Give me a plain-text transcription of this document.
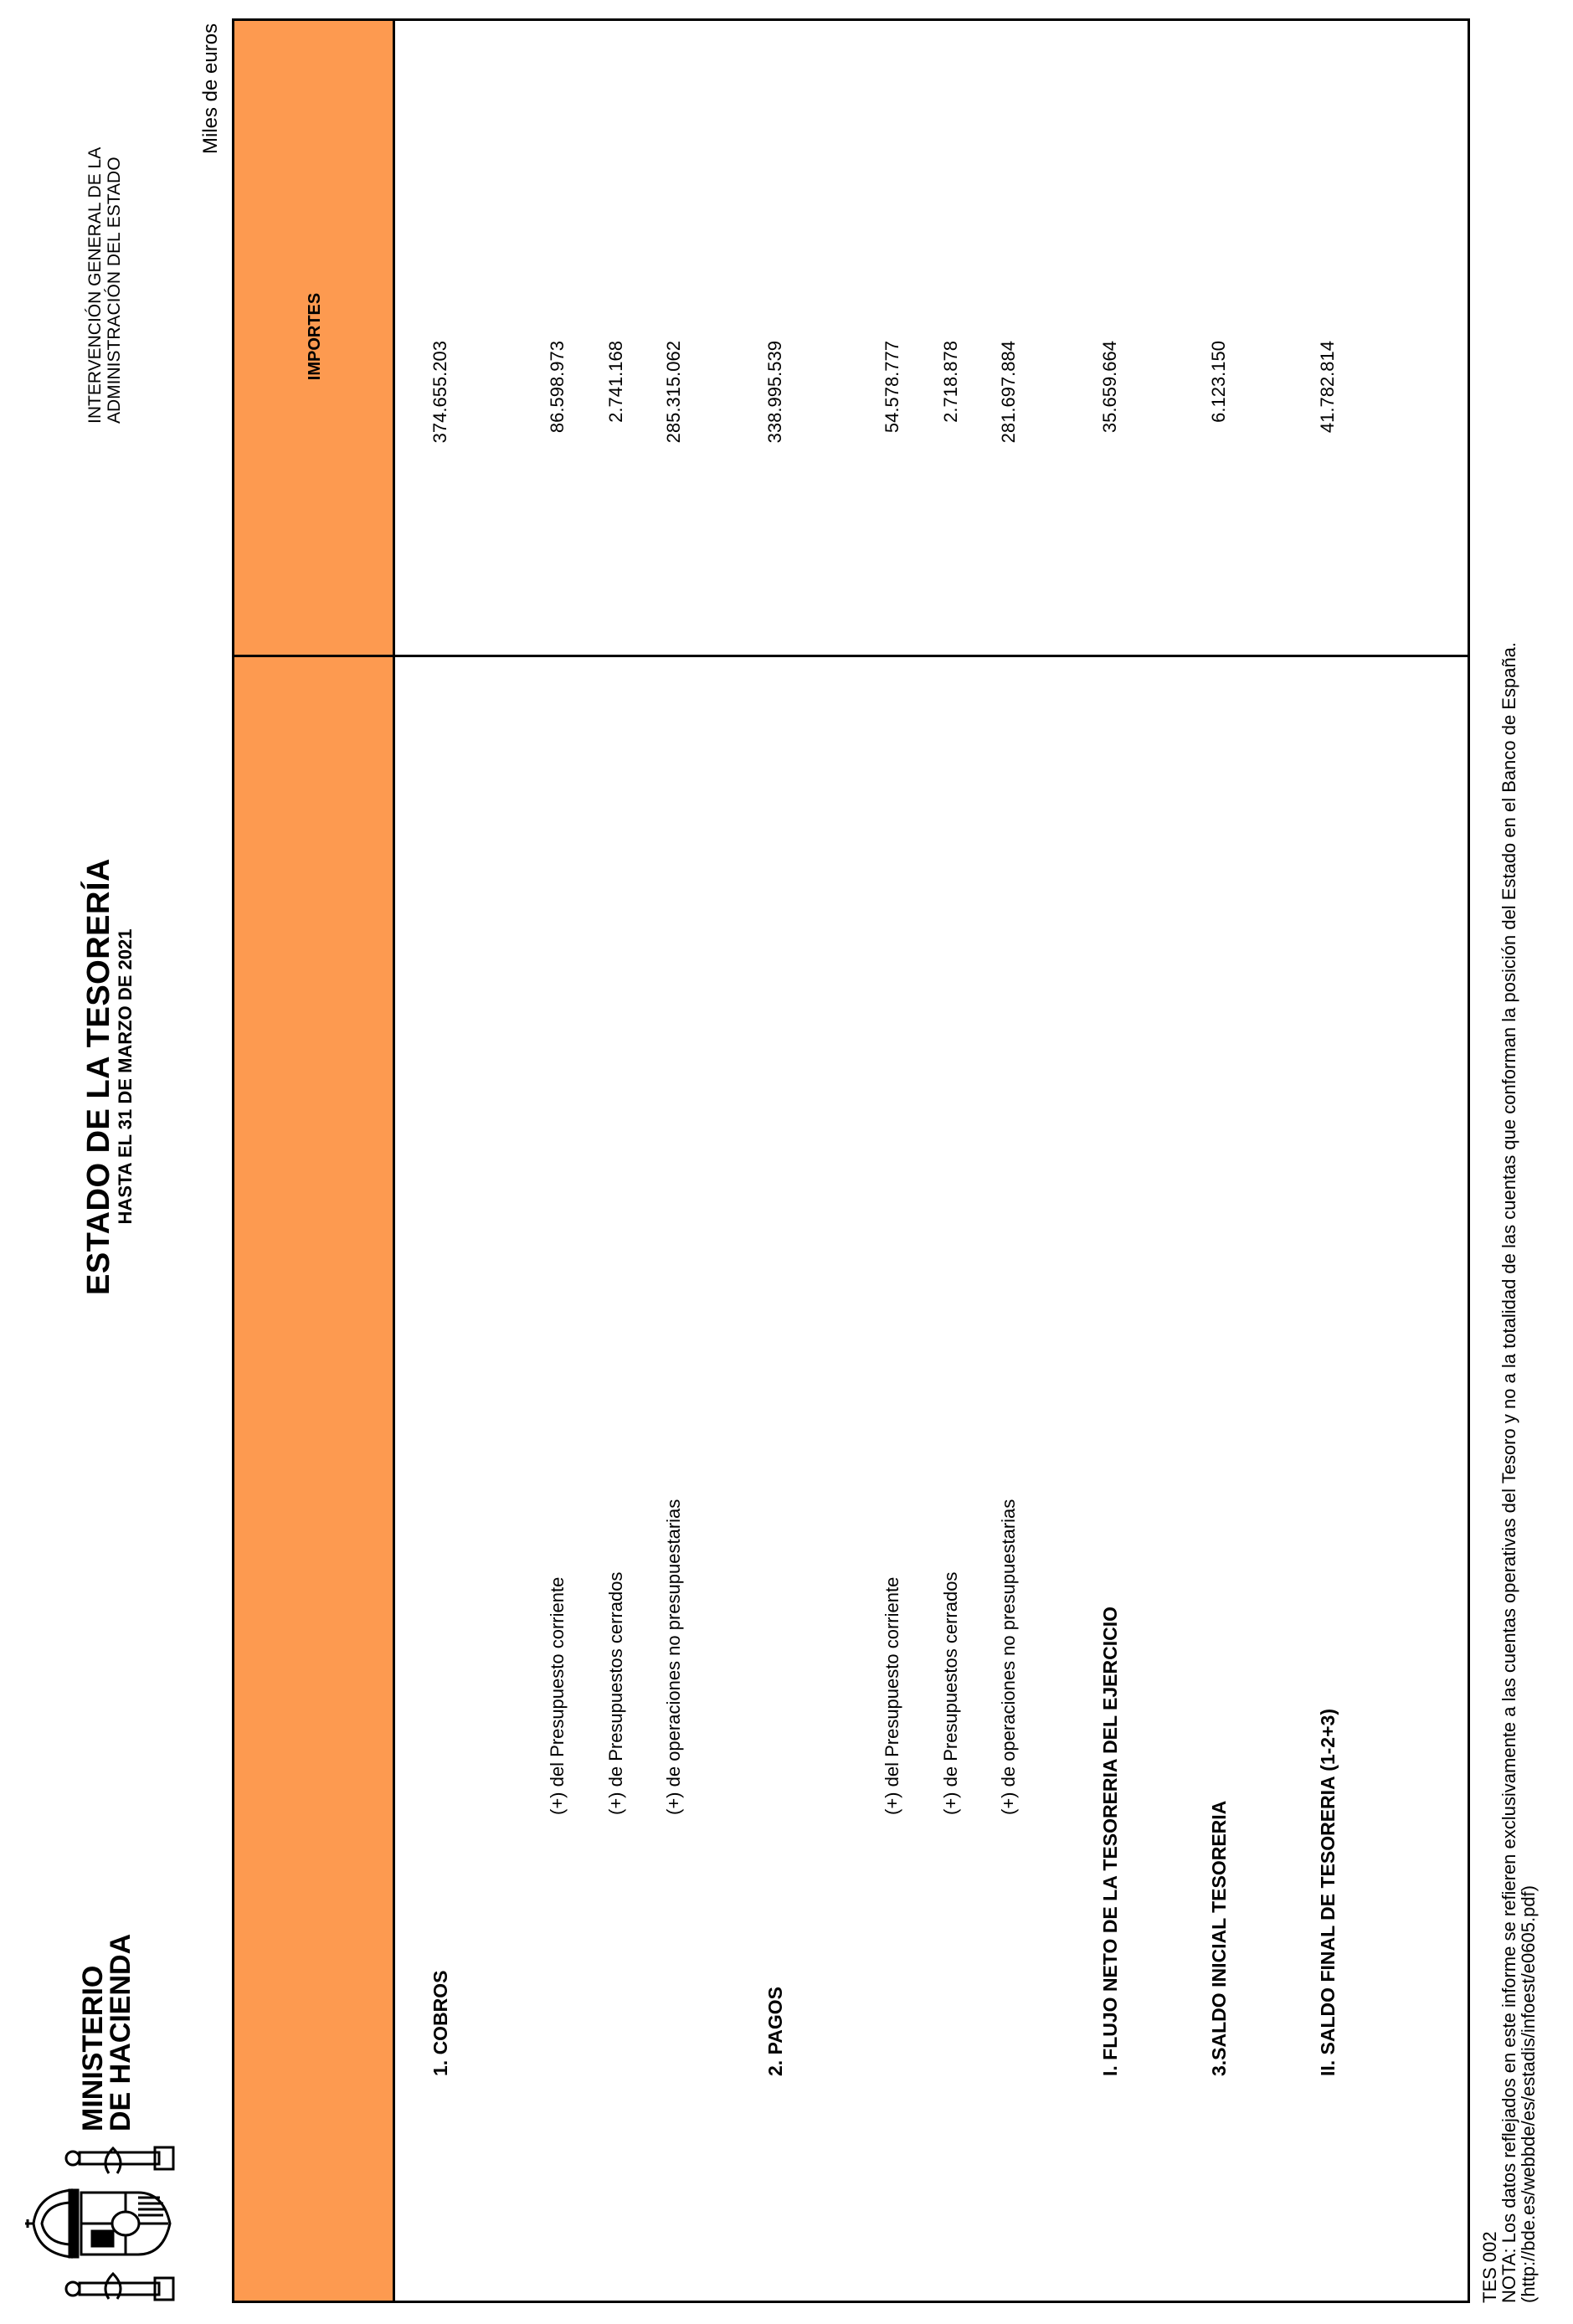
MINISTERIO
DE HACIENDA
ESTADO DE LA TESORERÍA
HASTA EL 31 DE MARZO DE 2021
INTERVENCIÓN GENERAL DE LA ADMINISTRACIÓN DEL ESTADO
Miles de euros
IMPORTES
1. COBROS
374.655.203
(+) del Presupuesto corriente
86.598.973
(+) de Presupuestos cerrados
2.741.168
(+) de operaciones no presupuestarias
285.315.062
2. PAGOS
338.995.539
(+) del Presupuesto corriente
54.578.777
(+) de Presupuestos cerrados
2.718.878
(+) de operaciones no presupuestarias
281.697.884
I. FLUJO NETO DE LA TESORERIA DEL EJERCICIO
35.659.664
3.SALDO INICIAL TESORERIA
6.123.150
II. SALDO FINAL DE TESORERIA (1-2+3)
41.782.814
TES 002
NOTA: Los datos reflejados en este informe se refieren exclusivamente a las cuentas operativas del Tesoro y no a la totalidad de las cuentas que conforman la posición del Estado en el Banco de España.
(http://bde.es/webbde/es/estadis/infoest/e0605.pdf)
